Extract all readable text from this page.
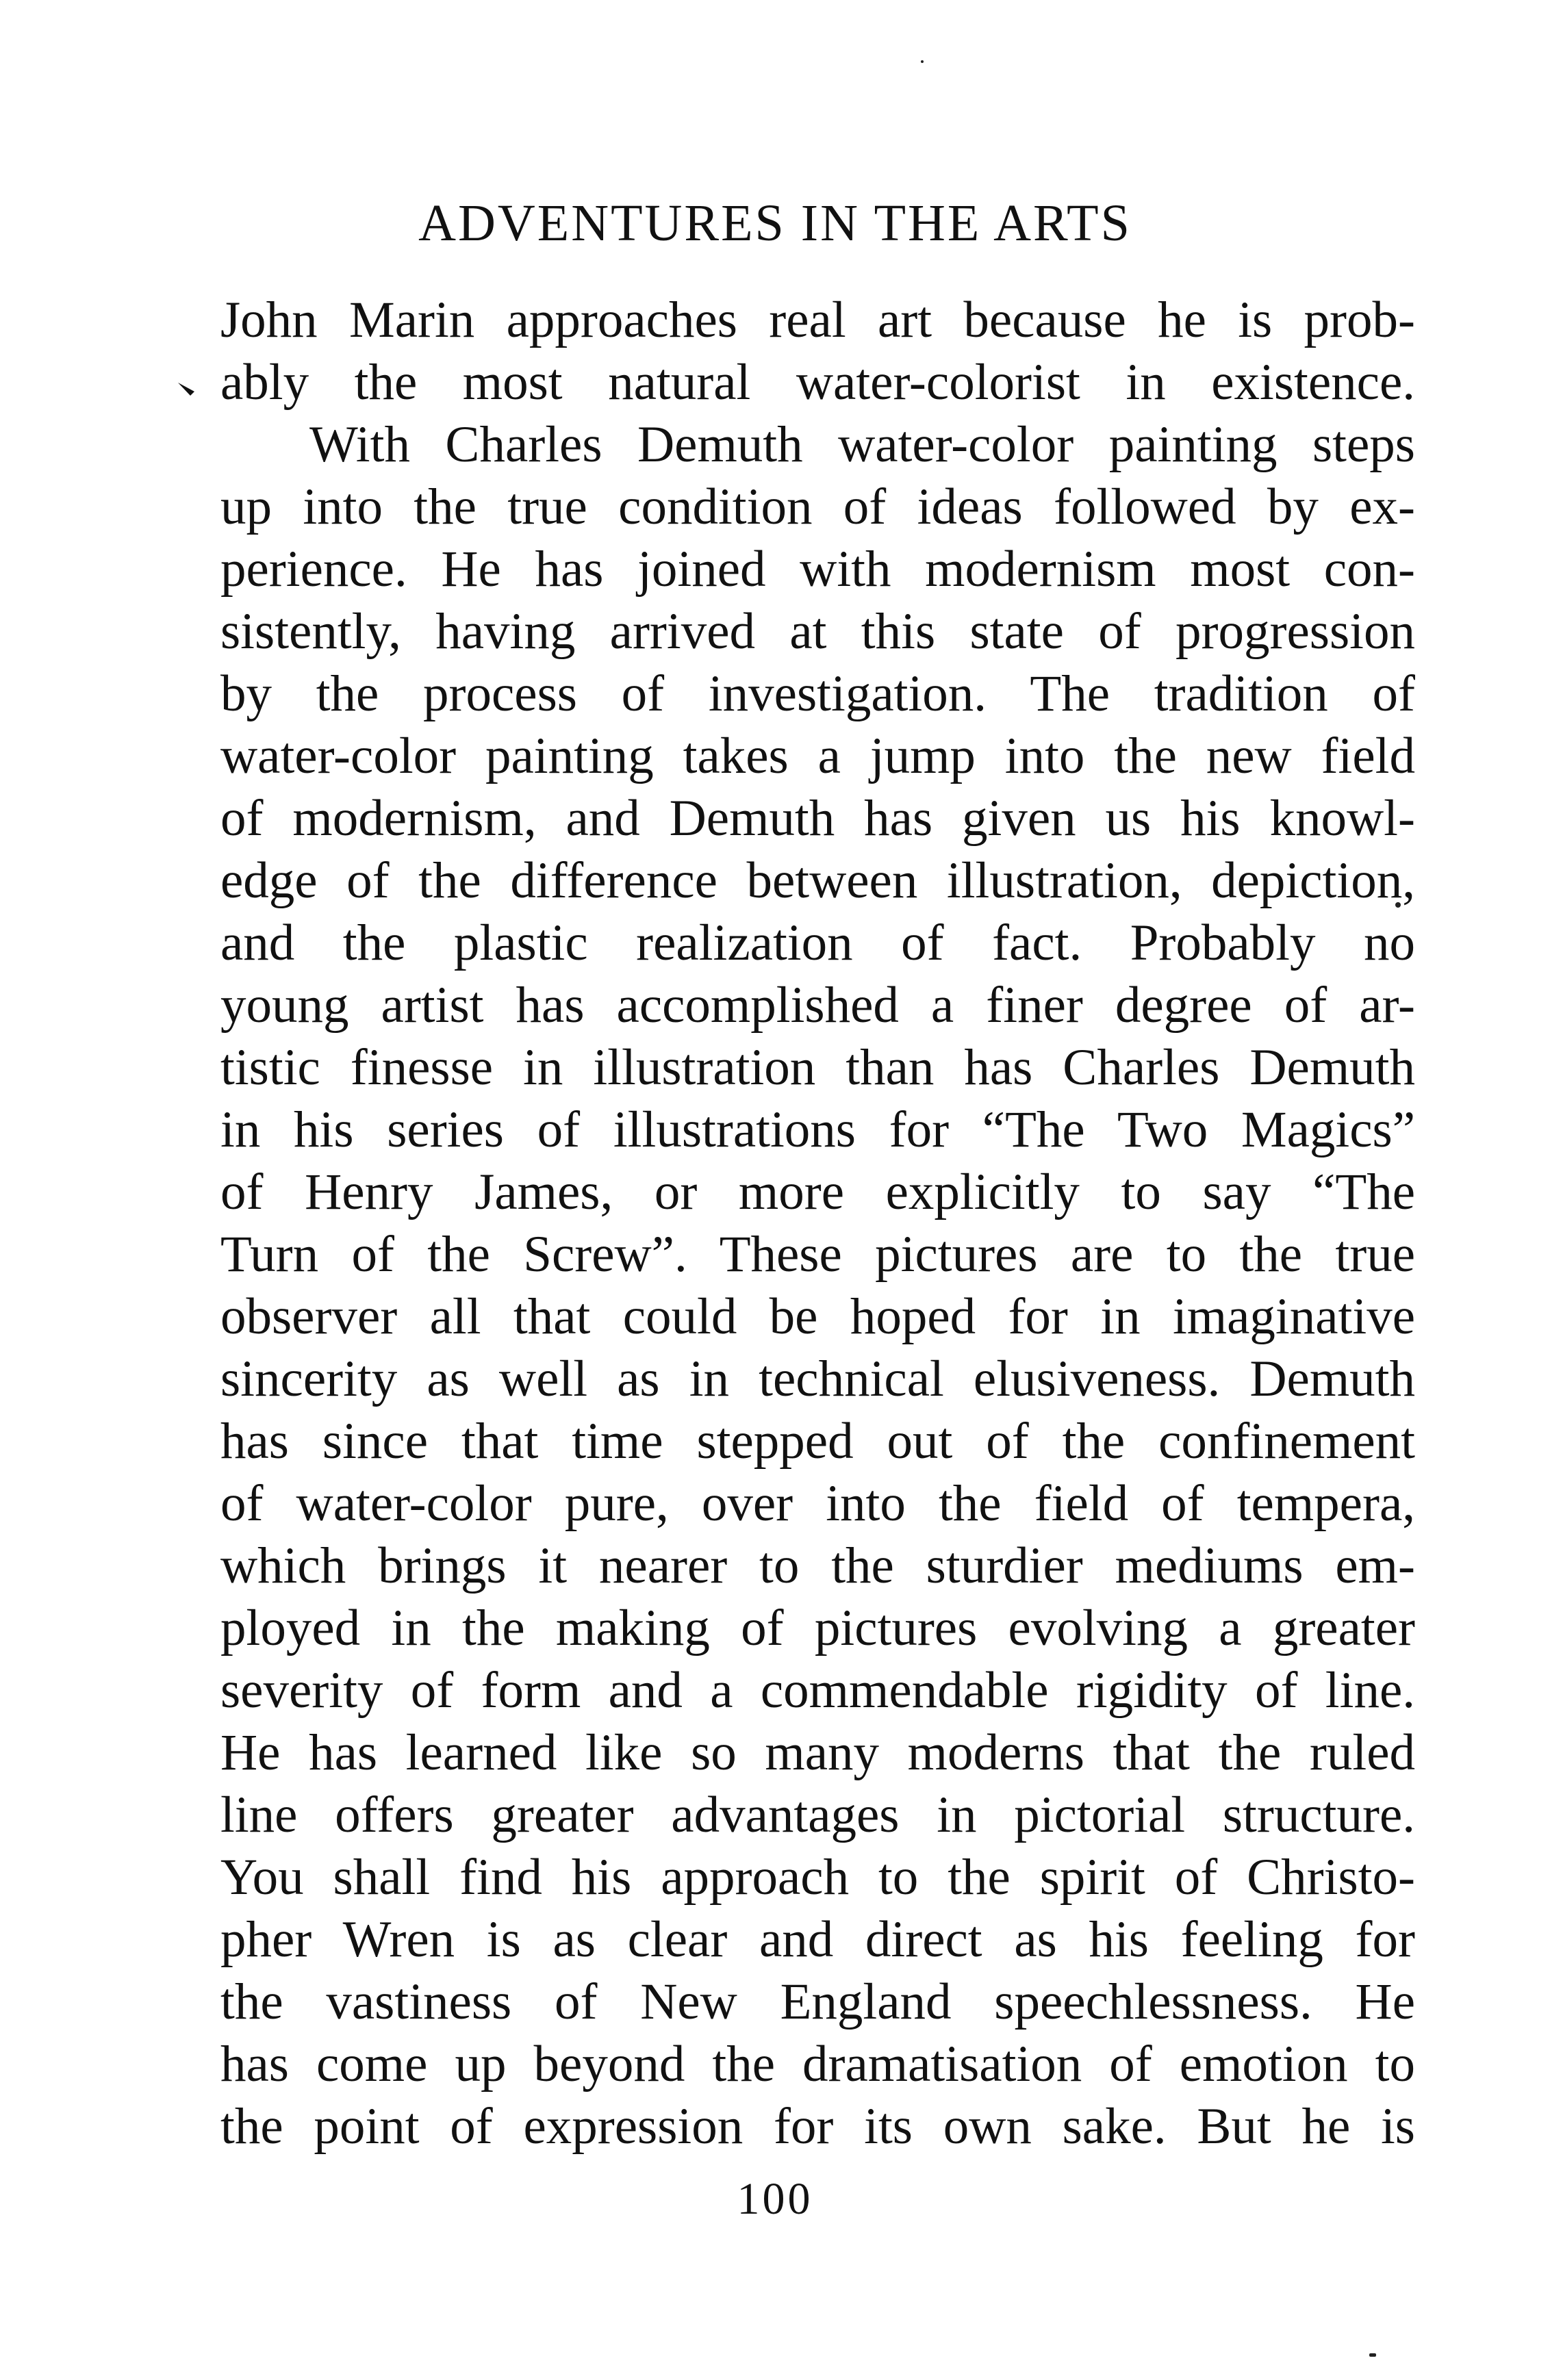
ADVENTURES IN THE ARTS
John Marin approaches real art because he is prob-
ably the most natural water-colorist in existence.
With Charles Demuth water-color painting steps
up into the true condition of ideas followed by ex-
perience. He has joined with modernism most con-
sistently, having arrived at this state of progression
by the process of investigation. The tradition of
water-color painting takes a jump into the new field
of modernism, and Demuth has given us his knowl-
edge of the difference between illustration, depiction,
and the plastic realization of fact. Probably no
young artist has accomplished a finer degree of ar-
tistic finesse in illustration than has Charles Demuth
in his series of illustrations for “The Two Magics”
of Henry James, or more explicitly to say “The
Turn of the Screw”. These pictures are to the true
observer all that could be hoped for in imaginative
sincerity as well as in technical elusiveness. Demuth
has since that time stepped out of the confinement
of water-color pure, over into the field of tempera,
which brings it nearer to the sturdier mediums em-
ployed in the making of pictures evolving a greater
severity of form and a commendable rigidity of line.
He has learned like so many moderns that the ruled
line offers greater advantages in pictorial structure.
You shall find his approach to the spirit of Christo-
pher Wren is as clear and direct as his feeling for
the vastiness of New England speechlessness. He
has come up beyond the dramatisation of emotion to
the point of expression for its own sake. But he is
100
